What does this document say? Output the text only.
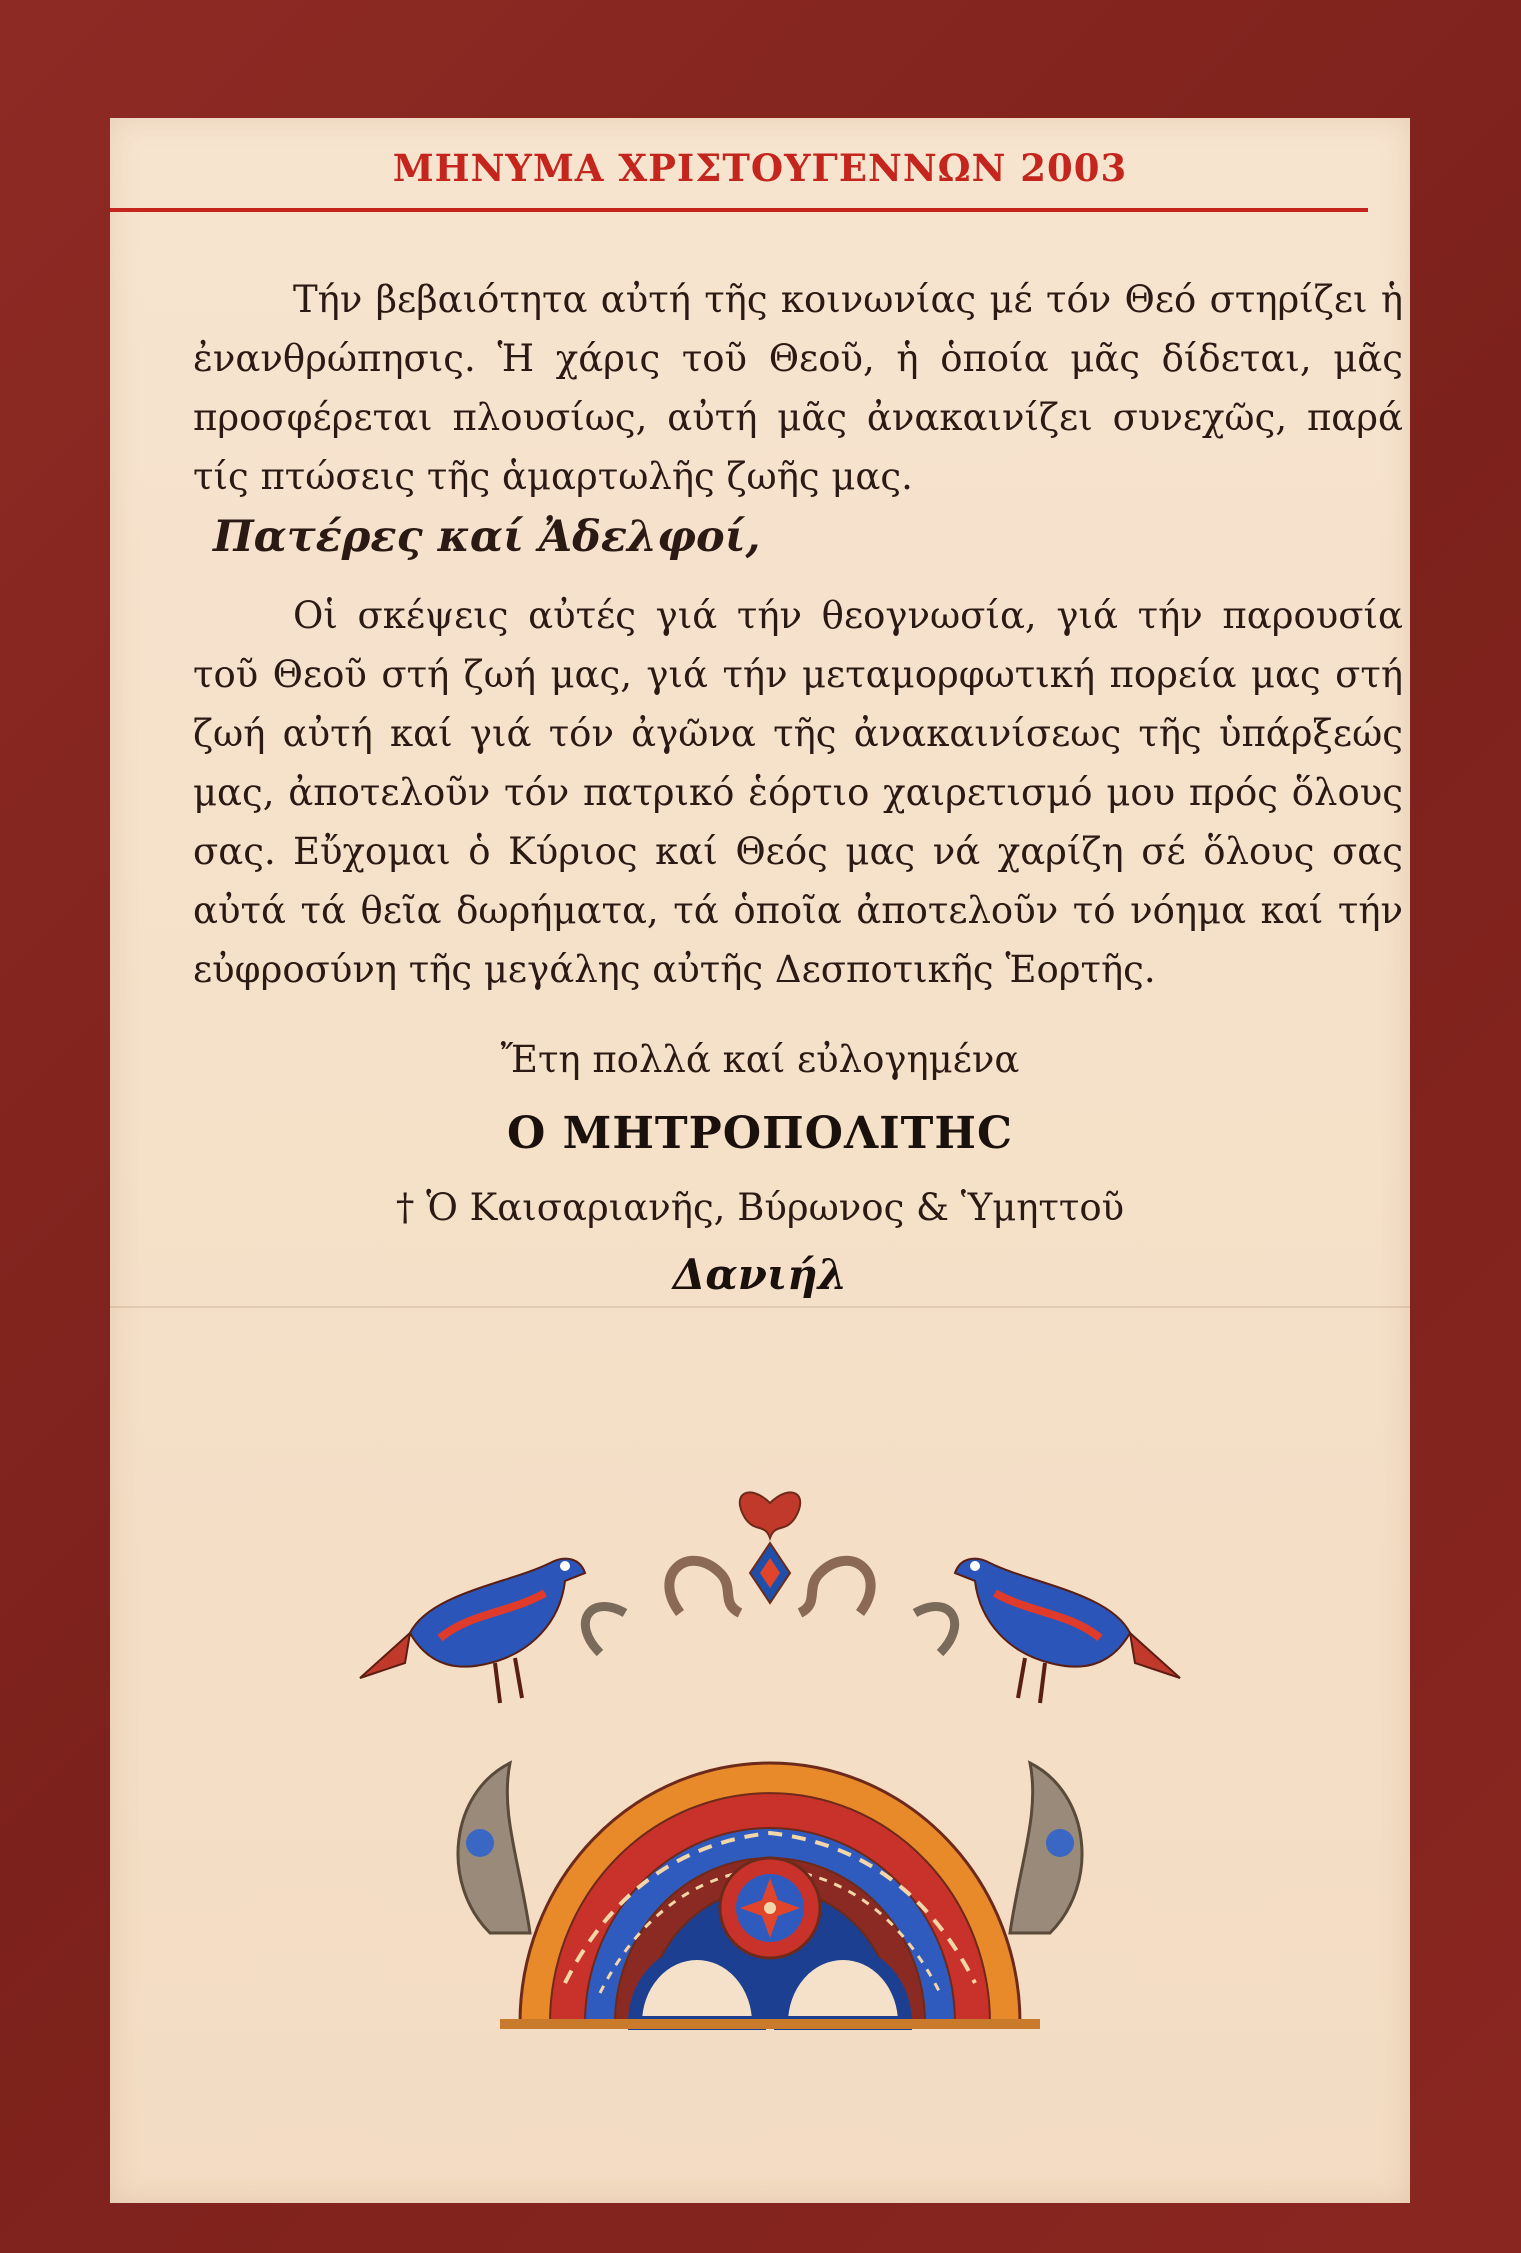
ΜΗΝΥΜΑ ΧΡΙΣΤΟΥΓΕΝΝΩΝ 2003

Τήν βεβαιότητα αὐτή τῆς κοινωνίας μέ τόν Θεό στηρίζει ἡ ἐνανθρώπησις. Ἡ χάρις τοῦ Θεοῦ, ἡ ὁποία μᾶς δίδεται, μᾶς προσφέρεται πλουσίως, αὐτή μᾶς ἀνακαινίζει συνεχῶς, παρά τίς πτώσεις τῆς ἁμαρτωλῆς ζωῆς μας.

Πατέρες καί Ἀδελφοί,

Οἱ σκέψεις αὐτές γιά τήν θεογνωσία, γιά τήν παρουσία τοῦ Θεοῦ στή ζωή μας, γιά τήν μεταμορφωτική πορεία μας στή ζωή αὐτή καί γιά τόν ἀγῶνα τῆς ἀνακαινίσεως τῆς ὑπάρξεώς μας, ἀποτελοῦν τόν πατρικό ἑόρτιο χαιρετισμό μου πρός ὅλους σας. Εὔχομαι ὁ Κύριος καί Θεός μας νά χαρίζη σέ ὅλους σας αὐτά τά θεῖα δωρήματα, τά ὁποῖα ἀποτελοῦν τό νόημα καί τήν εὐφροσύνη τῆς μεγάλης αὐτῆς Δεσποτικῆς Ἑορτῆς.

Ἔτη πολλά καί εὐλογημένα
Ο ΜΗΤΡΟΠΟΛΙΤΗC
† Ὁ Καισαριανῆς, Βύρωνος & Ὑμηττοῦ
Δανιήλ
